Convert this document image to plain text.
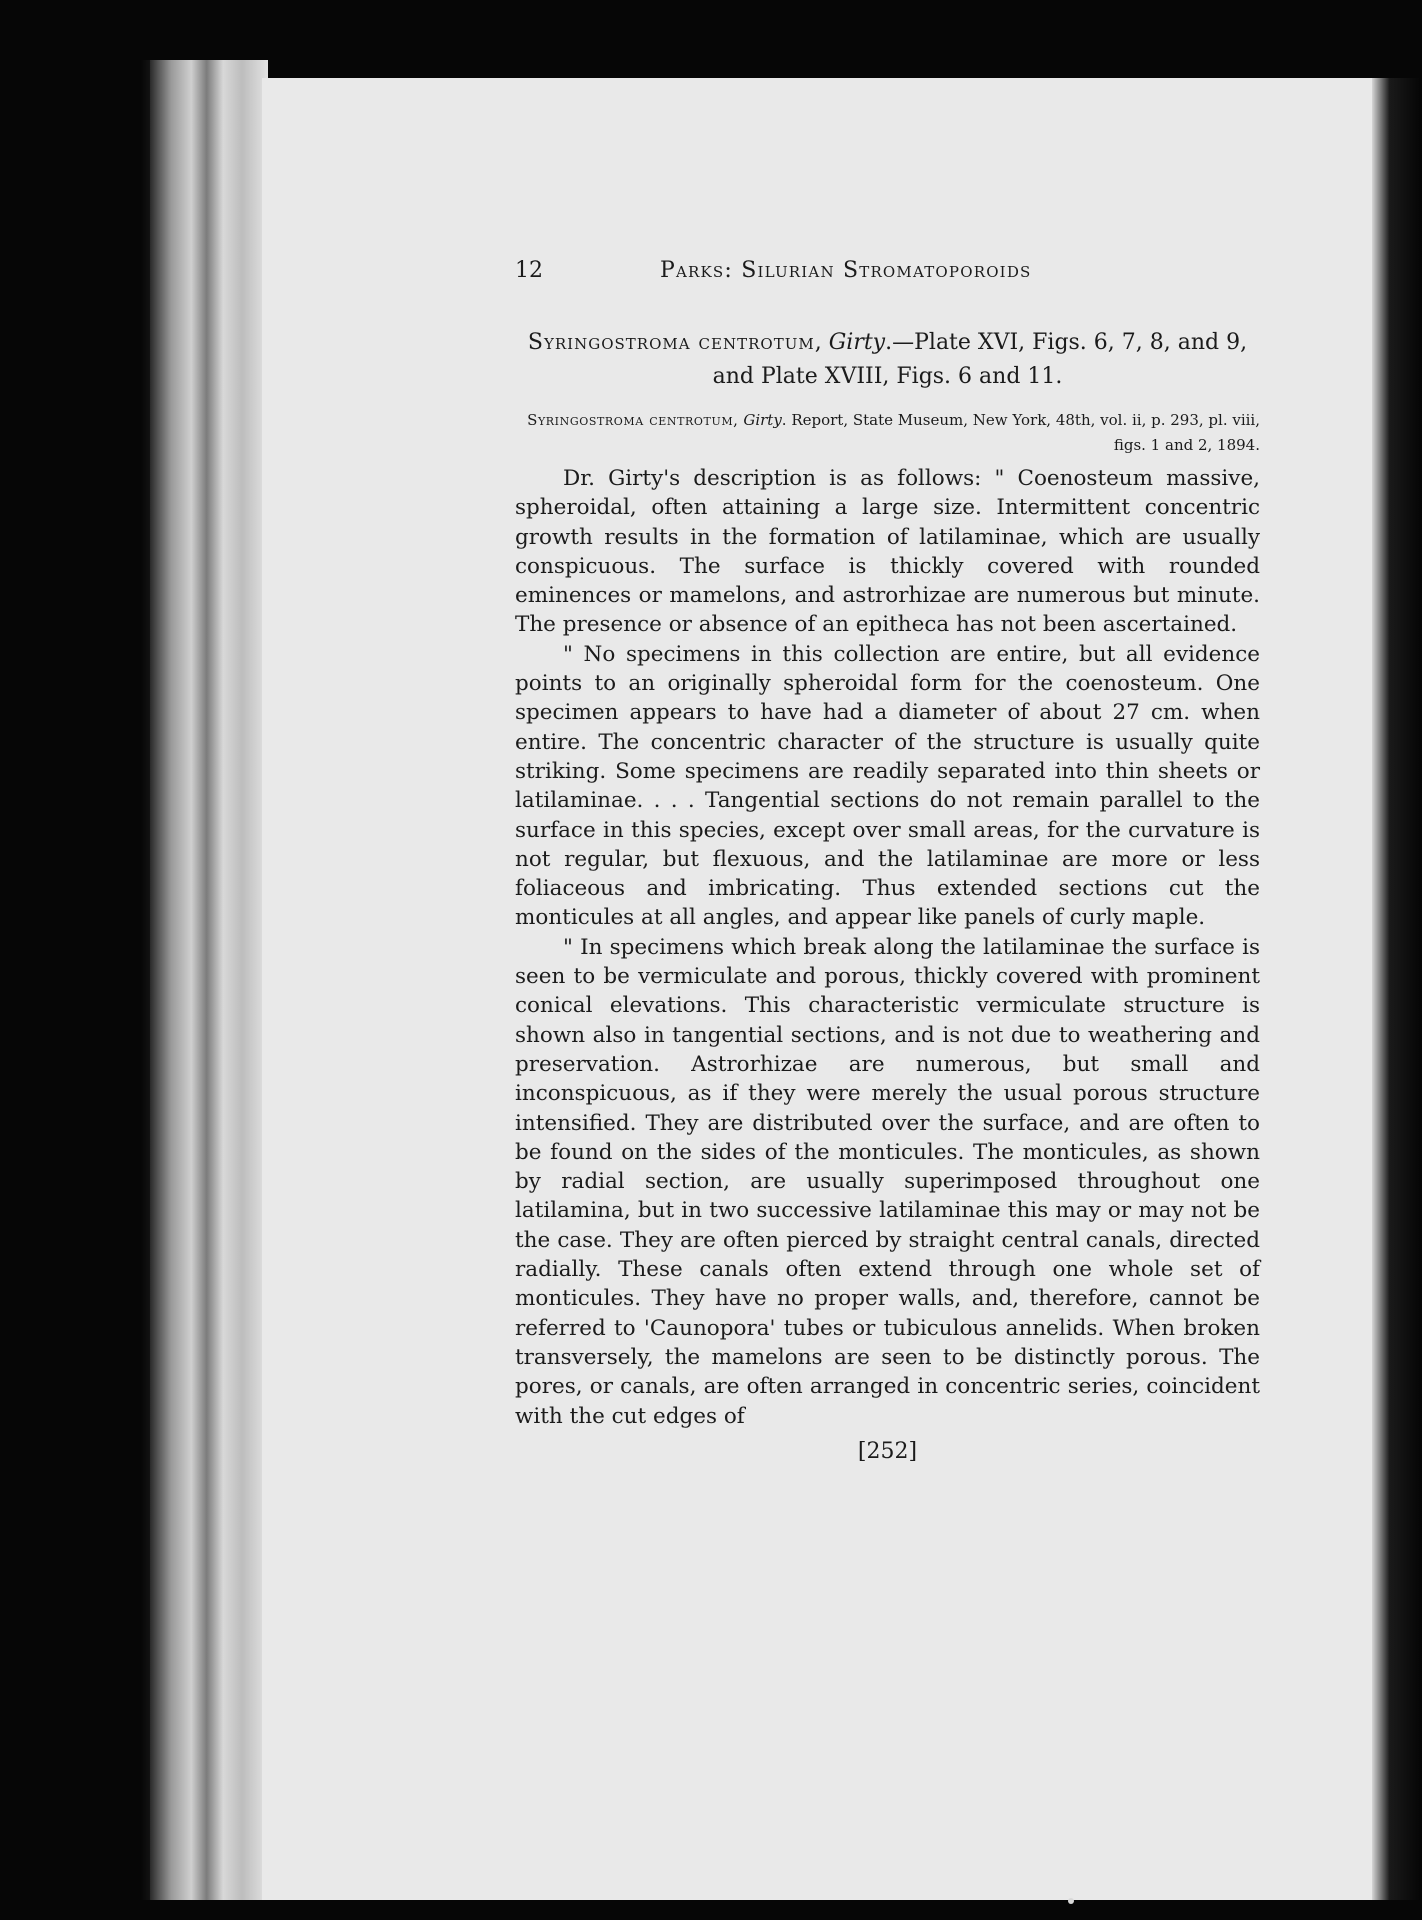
12	Parks: Silurian Stromatoporoids
Syringostroma centrotum, Girty.—Plate XVI, Figs. 6, 7, 8, and 9, and Plate XVIII, Figs. 6 and 11.
Syringostroma centrotum, Girty. Report, State Museum, New York, 48th, vol. ii, p. 293, pl. viii, figs. 1 and 2, 1894.

Dr. Girty's description is as follows: " Coenosteum massive, spheroidal, often attaining a large size. Intermittent concentric growth results in the formation of latilaminae, which are usually conspicuous. The surface is thickly covered with rounded eminences or mamelons, and astrorhizae are numerous but minute. The presence or absence of an epitheca has not been ascertained.

" No specimens in this collection are entire, but all evidence points to an originally spheroidal form for the coenosteum. One specimen appears to have had a diameter of about 27 cm. when entire. The concentric character of the structure is usually quite striking. Some specimens are readily separated into thin sheets or latilaminae. . . . Tangential sections do not remain parallel to the surface in this species, except over small areas, for the curvature is not regular, but flexuous, and the latilaminae are more or less foliaceous and imbricating. Thus extended sections cut the monticules at all angles, and appear like panels of curly maple.

" In specimens which break along the latilaminae the surface is seen to be vermiculate and porous, thickly covered with prominent conical elevations. This characteristic vermiculate structure is shown also in tangential sections, and is not due to weathering and preservation. Astrorhizae are numerous, but small and inconspicuous, as if they were merely the usual porous structure intensified. They are distributed over the surface, and are often to be found on the sides of the monticules. The monticules, as shown by radial section, are usually superimposed throughout one latilamina, but in two successive latilaminae this may or may not be the case. They are often pierced by straight central canals, directed radially. These canals often extend through one whole set of monticules. They have no proper walls, and, therefore, cannot be referred to 'Caunopora' tubes or tubiculous annelids. When broken transversely, the mamelons are seen to be distinctly porous. The pores, or canals, are often arranged in concentric series, coincident with the cut edges of

[252]
